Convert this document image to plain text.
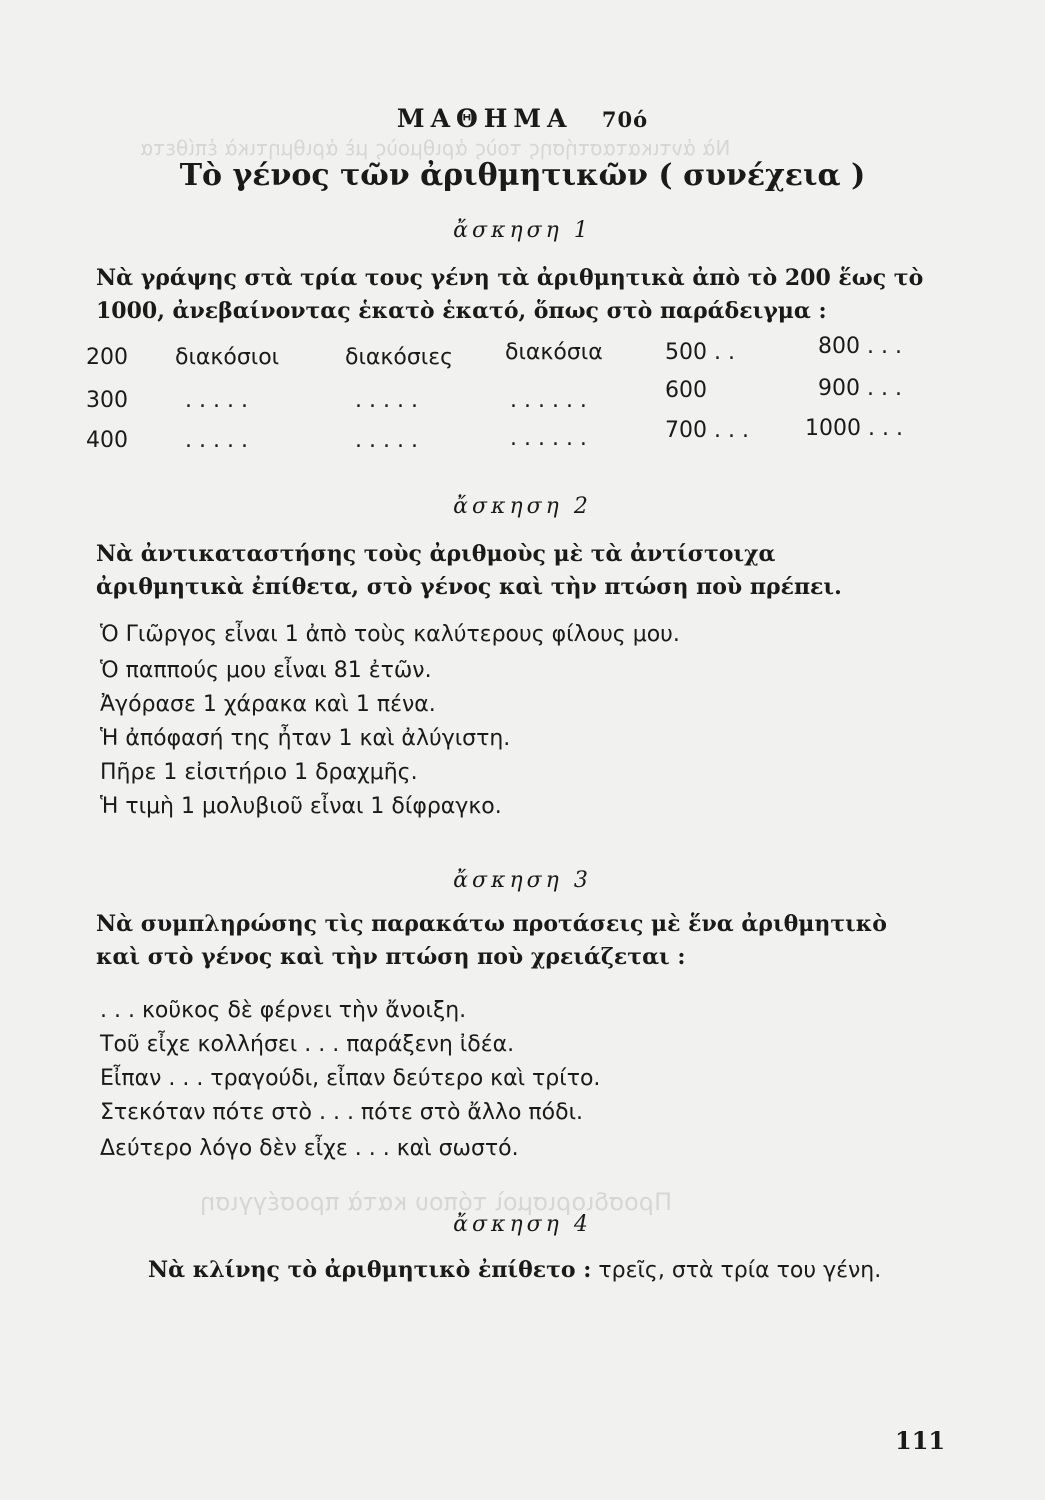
Νὰ ἀντικαταστήσης τοὺς ἀριθμοὺς μὲ ἀριθμητικὰ ἐπίθετα
Προσδιορισμοὶ τόπου κατὰ προσέγγιση
ΜΑΘΗΜΑ 70ό
Τὸ γένος τῶν ἀριθμητικῶν ( συνέχεια )
ἄσκηση 1
Νὰ γράψης στὰ τρία τους γένη τὰ ἀριθμητικὰ ἀπὸ τὸ 200 ἕως τὸ 1000, ἀνεβαίνοντας ἑκατὸ ἑκατό, ὅπως στὸ παράδειγμα :
200 διακόσιοι	διακόσιες διακόσια	500 . .	800 . . .
300	. . . . .	. . . . .	. . . . . .	600	900 . . .
400	. . . . .	. . . . .	. . . . . .	700 . . .	1000 . . .
ἄσκηση 2
Νὰ ἀντικαταστήσης τοὺς ἀριθμοὺς μὲ τὰ ἀντίστοιχα ἀριθμητικὰ ἐπίθετα, στὸ γένος καὶ τὴν πτώση ποὺ πρέπει.
Ὁ Γιῶργος εἶναι 1 ἀπὸ τοὺς καλύτερους φίλους μου.
Ὁ παππούς μου εἶναι 81 ἐτῶν.
Ἀγόρασε 1 χάρακα καὶ 1 πένα.
Ἡ ἀπόφασή της ἦταν 1 καὶ ἀλύγιστη.
Πῆρε 1 εἰσιτήριο 1 δραχμῆς.
Ἡ τιμὴ 1 μολυβιοῦ εἶναι 1 δίφραγκο.
ἄσκηση 3
Νὰ συμπληρώσης τὶς παρακάτω προτάσεις μὲ ἕνα ἀριθμητικὸ καὶ στὸ γένος καὶ τὴν πτώση ποὺ χρειάζεται :
. . . κοῦκος δὲ φέρνει τὴν ἄνοιξη.
Τοῦ εἶχε κολλήσει . . . παράξενη ἰδέα.
Εἶπαν . . . τραγούδι, εἶπαν δεύτερο καὶ τρίτο.
Στεκόταν πότε στὸ . . . πότε στὸ ἄλλο πόδι.
Δεύτερο λόγο δὲν εἶχε . . . καὶ σωστό.
ἄσκηση 4
Νὰ κλίνης τὸ ἀριθμητικὸ ἐπίθετο : τρεῖς, στὰ τρία του γένη.
111
